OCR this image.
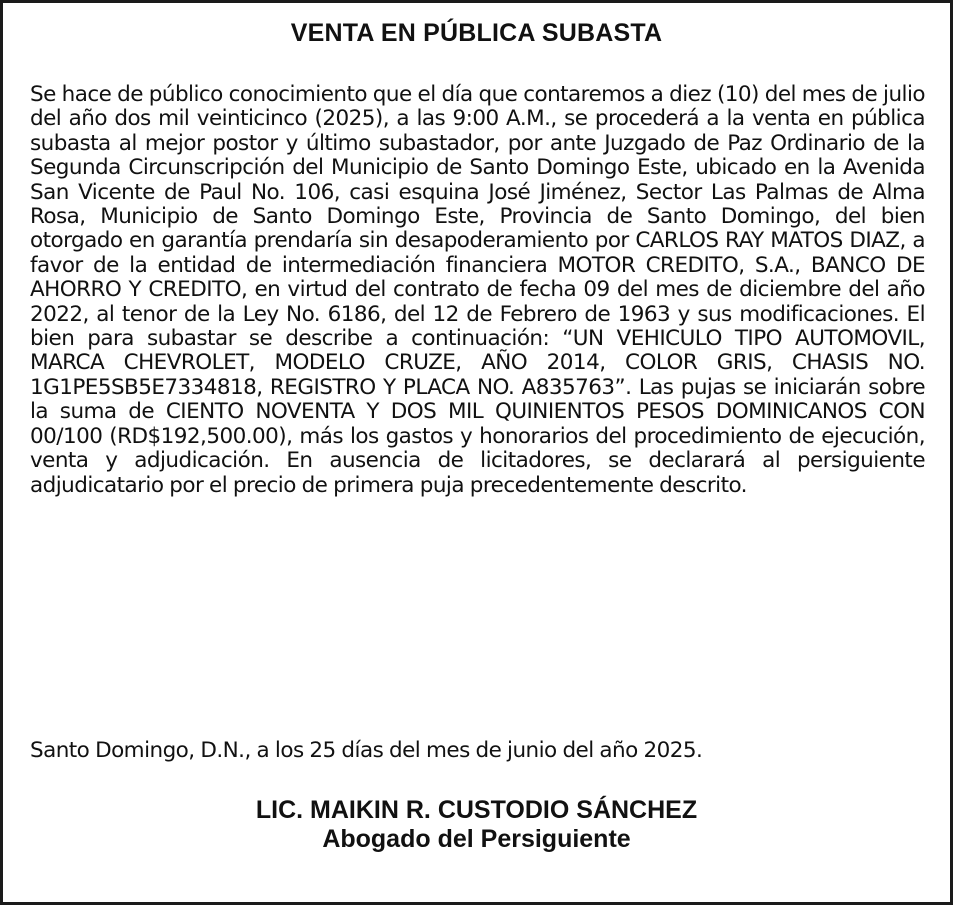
VENTA EN PÚBLICA SUBASTA

Se hace de público conocimiento que el día que contaremos a diez (10) del mes de julio del año dos mil veinticinco (2025), a las 9:00 A.M., se procederá a la venta en pública subasta al mejor postor y último subastador, por ante Juzgado de Paz Ordinario de la Segunda Circunscripción del Municipio de Santo Domingo Este, ubicado en la Avenida San Vicente de Paul No. 106, casi esquina José Jiménez, Sector Las Palmas de Alma Rosa, Municipio de Santo Domingo Este, Provincia de Santo Domingo, del bien otorgado en garantía prendaría sin desapoderamiento por CARLOS RAY MATOS DIAZ, a favor de la entidad de intermediación financiera MOTOR CREDITO, S.A., BANCO DE AHORRO Y CREDITO, en virtud del contrato de fecha 09 del mes de diciembre del año 2022, al tenor de la Ley No. 6186, del 12 de Febrero de 1963 y sus modificaciones. El bien para subastar se describe a continuación: “UN VEHICULO TIPO AUTOMOVIL, MARCA CHEVROLET, MODELO CRUZE, AÑO 2014, COLOR GRIS, CHASIS NO. 1G1PE5SB5E7334818, REGISTRO Y PLACA NO. A835763”. Las pujas se iniciarán sobre la suma de CIENTO NOVENTA Y DOS MIL QUINIENTOS PESOS DOMINICANOS CON 00/100 (RD$192,500.00), más los gastos y honorarios del procedimiento de ejecución, venta y adjudicación. En ausencia de licitadores, se declarará al persiguiente adjudicatario por el precio de primera puja precedentemente descrito.

Santo Domingo, D.N., a los 25 días del mes de junio del año 2025.

LIC. MAIKIN R. CUSTODIO SÁNCHEZ
Abogado del Persiguiente
